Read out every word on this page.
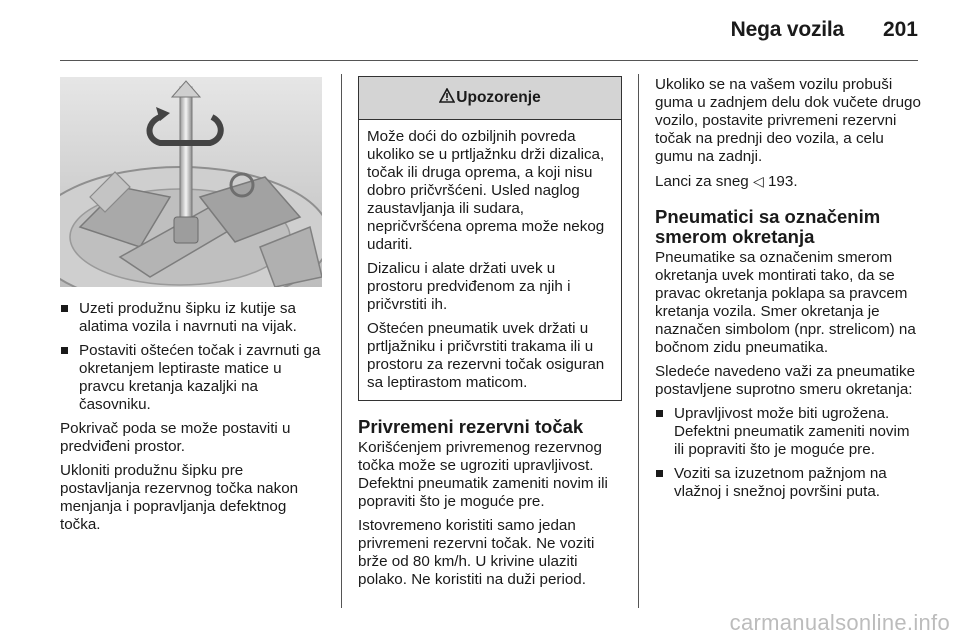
Nega vozila 201
Uzeti produžnu šipku iz kutije sa alatima vozila i navrnuti na vijak.
Postaviti oštećen točak i zavrnuti ga okretanjem leptiraste matice u pravcu kretanja kazaljki na časovniku.

Pokrivač poda se može postaviti u predviđeni prostor.

Ukloniti produžnu šipku pre postavljanja rezervnog točka nakon menjanja i popravljanja defektnog točka.

Upozorenje

Može doći do ozbiljnih povreda ukoliko se u prtljažnku drži dizalica, točak ili druga oprema, a koji nisu dobro pričvršćeni. Usled naglog zaustavljanja ili sudara, nepričvršćena oprema može nekog udariti.

Dizalicu i alate držati uvek u prostoru predviđenom za njih i pričvrstiti ih.

Oštećen pneumatik uvek držati u prtljažniku i pričvrstiti trakama ili u prostoru za rezervni točak osiguran sa leptirastom maticom.

Privremeni rezervni točak

Korišćenjem privremenog rezervnog točka može se ugroziti upravljivost. Defektni pneumatik zameniti novim ili popraviti što je moguće pre.

Istovremeno koristiti samo jedan privremeni rezervni točak. Ne voziti brže od 80 km/h. U krivine ulaziti polako. Ne koristiti na duži period.

Ukoliko se na vašem vozilu probuši guma u zadnjem delu dok vučete drugo vozilo, postavite privremeni rezervni točak na prednji deo vozila, a celu gumu na zadnji.

Lanci za sneg ◁ 193.

Pneumatici sa označenim smerom okretanja

Pneumatike sa označenim smerom okretanja uvek montirati tako, da se pravac okretanja poklapa sa pravcem kretanja vozila. Smer okretanja je naznačen simbolom (npr. strelicom) na bočnom zidu pneumatika.

Sledeće navedeno važi za pneumatike postavljene suprotno smeru okretanja:

Upravljivost može biti ugrožena. Defektni pneumatik zameniti novim ili popraviti što je moguće pre.
Voziti sa izuzetnom pažnjom na vlažnoj i snežnoj površini puta.
carmanualsonline.info
